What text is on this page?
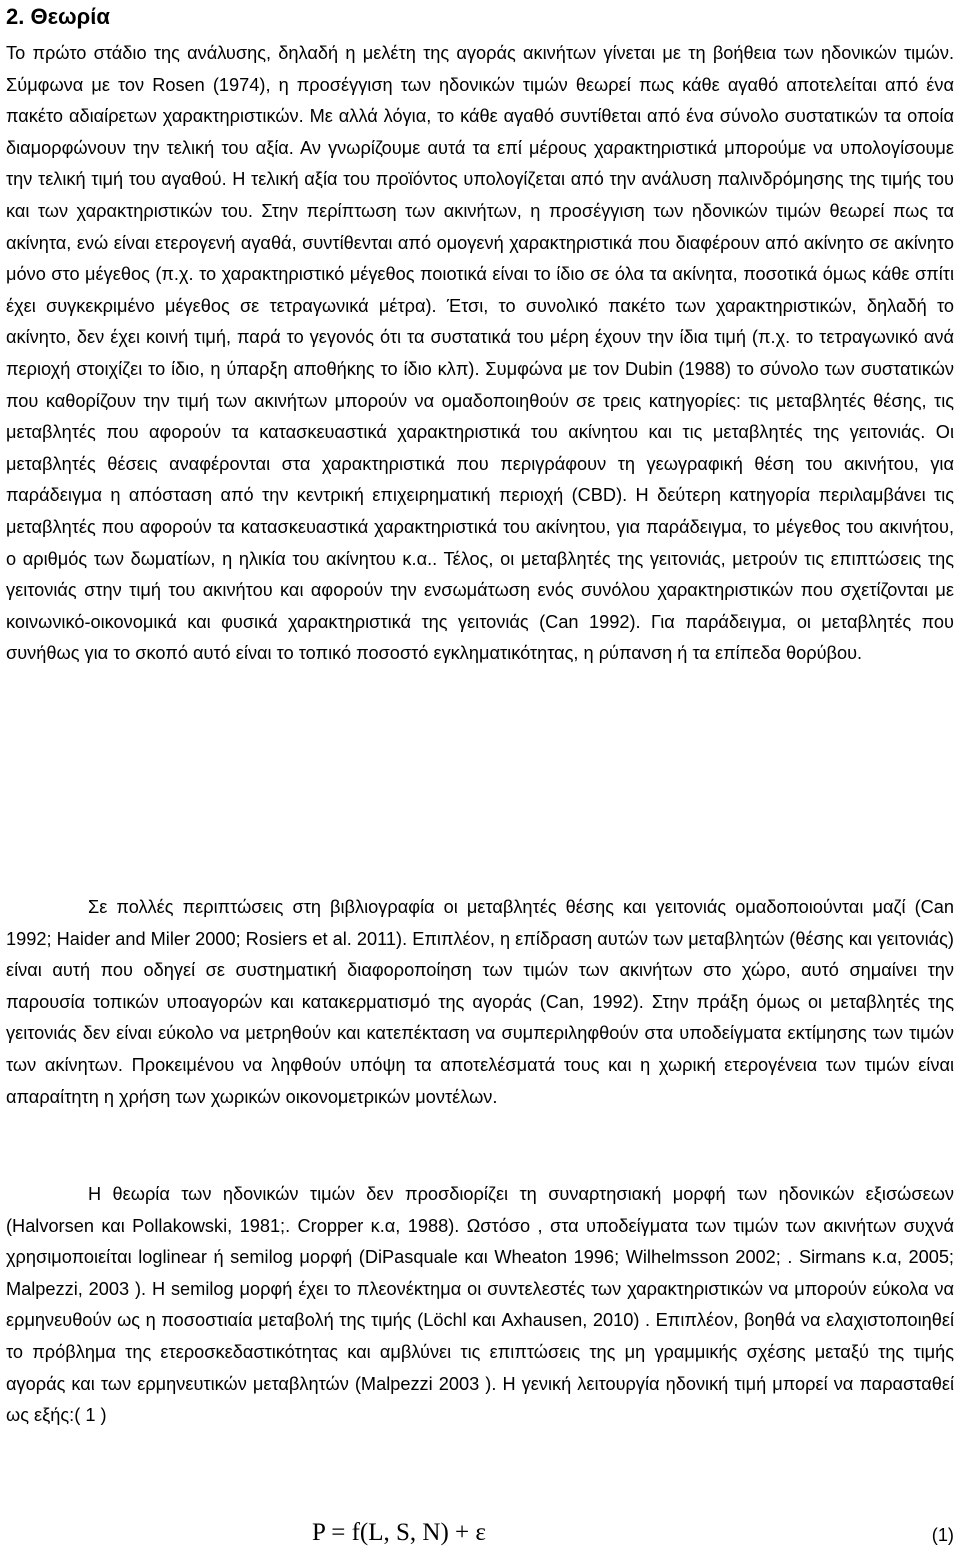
2. Θεωρία

Το πρώτο στάδιο της ανάλυσης, δηλαδή η μελέτη της αγοράς ακινήτων γίνεται με τη βοήθεια των ηδονικών τιμών. Σύμφωνα με τον Rosen (1974), η προσέγγιση των ηδονικών τιμών θεωρεί πως κάθε αγαθό αποτελείται από ένα πακέτο αδιαίρετων χαρακτηριστικών. Με αλλά λόγια, το κάθε αγαθό συντίθεται από ένα σύνολο συστατικών τα οποία διαμορφώνουν την τελική του αξία. Αν γνωρίζουμε αυτά τα επί μέρους χαρακτηριστικά μπορούμε να υπολογίσουμε την τελική τιμή του αγαθού. Η τελική αξία του προϊόντος υπολογίζεται από την ανάλυση παλινδρόμησης της τιμής του και των χαρακτηριστικών του. Στην περίπτωση των ακινήτων, η προσέγγιση των ηδονικών τιμών θεωρεί πως τα ακίνητα, ενώ είναι ετερογενή αγαθά, συντίθενται από ομογενή χαρακτηριστικά που διαφέρουν από ακίνητο σε ακίνητο μόνο στο μέγεθος (π.χ. το χαρακτηριστικό μέγεθος ποιοτικά είναι το ίδιο σε όλα τα ακίνητα, ποσοτικά όμως κάθε σπίτι έχει συγκεκριμένο μέγεθος σε τετραγωνικά μέτρα). Έτσι, το συνολικό πακέτο των χαρακτηριστικών, δηλαδή το ακίνητο, δεν έχει κοινή τιμή, παρά το γεγονός ότι τα συστατικά του μέρη έχουν την ίδια τιμή (π.χ. το τετραγωνικό ανά περιοχή στοιχίζει το ίδιο, η ύπαρξη αποθήκης το ίδιο κλπ). Συμφώνα με τον Dubin (1988) το σύνολο των συστατικών που καθορίζουν την τιμή των ακινήτων μπορούν να ομαδοποιηθούν σε τρεις κατηγορίες: τις μεταβλητές θέσης, τις μεταβλητές που αφορούν τα κατασκευαστικά χαρακτηριστικά του ακίνητου και τις μεταβλητές της γειτονιάς. Οι μεταβλητές θέσεις αναφέρονται στα χαρακτηριστικά που περιγράφουν τη γεωγραφική θέση του ακινήτου, για παράδειγμα η απόσταση από την κεντρική επιχειρηματική περιοχή (CBD). Η δεύτερη κατηγορία περιλαμβάνει τις μεταβλητές που αφορούν τα κατασκευαστικά χαρακτηριστικά του ακίνητου, για παράδειγμα, το μέγεθος του ακινήτου, ο αριθμός των δωματίων, η ηλικία του ακίνητου κ.α.. Τέλος, οι μεταβλητές της γειτονιάς, μετρούν τις επιπτώσεις της γειτονιάς στην τιμή του ακινήτου και αφορούν την ενσωμάτωση ενός συνόλου χαρακτηριστικών που σχετίζονται με κοινωνικό-οικονομικά και φυσικά χαρακτηριστικά της γειτονιάς (Can 1992). Για παράδειγμα, οι μεταβλητές που συνήθως για το σκοπό αυτό είναι το τοπικό ποσοστό εγκληματικότητας, η ρύπανση ή τα επίπεδα θορύβου.

Σε πολλές περιπτώσεις στη βιβλιογραφία οι μεταβλητές θέσης και γειτονιάς ομαδοποιούνται μαζί (Can 1992; Haider and Miler 2000; Rosiers et al. 2011). Επιπλέον, η επίδραση αυτών των μεταβλητών (θέσης και γειτονιάς) είναι αυτή που οδηγεί σε συστηματική διαφοροποίηση των τιμών των ακινήτων στο χώρο, αυτό σημαίνει την παρουσία τοπικών υποαγορών και κατακερματισμό της αγοράς (Can, 1992). Στην πράξη όμως οι μεταβλητές της γειτονιάς δεν είναι εύκολο να μετρηθούν και κατεπέκταση να συμπεριληφθούν στα υποδείγματα εκτίμησης των τιμών των ακίνητων. Προκειμένου να ληφθούν υπόψη τα αποτελέσματά τους και η χωρική ετερογένεια των τιμών είναι απαραίτητη η χρήση των χωρικών οικονομετρικών μοντέλων.

Η θεωρία των ηδονικών τιμών δεν προσδιορίζει τη συναρτησιακή μορφή των ηδονικών εξισώσεων (Halvorsen και Pollakowski, 1981;. Cropper κ.α, 1988). Ωστόσο , στα υποδείγματα των τιμών των ακινήτων συχνά χρησιμοποιείται loglinear ή semilog μορφή (DiPasquale και Wheaton 1996; Wilhelmsson 2002; . Sirmans κ.α, 2005; Malpezzi, 2003 ). Η semilog μορφή έχει το πλεονέκτημα οι συντελεστές των χαρακτηριστικών να μπορούν εύκολα να ερμηνευθούν ως η ποσοστιαία μεταβολή της τιμής (Löchl και Axhausen, 2010) . Επιπλέον, βοηθά να ελαχιστοποιηθεί το πρόβλημα της ετεροσκεδαστικότητας και αμβλύνει τις επιπτώσεις της μη γραμμικής σχέσης μεταξύ της τιμής αγοράς και των ερμηνευτικών μεταβλητών (Malpezzi 2003 ). Η γενική λειτουργία ηδονική τιμή μπορεί να παρασταθεί ως εξής:( 1 )

P = f(L, S, N) + ε	(1)
